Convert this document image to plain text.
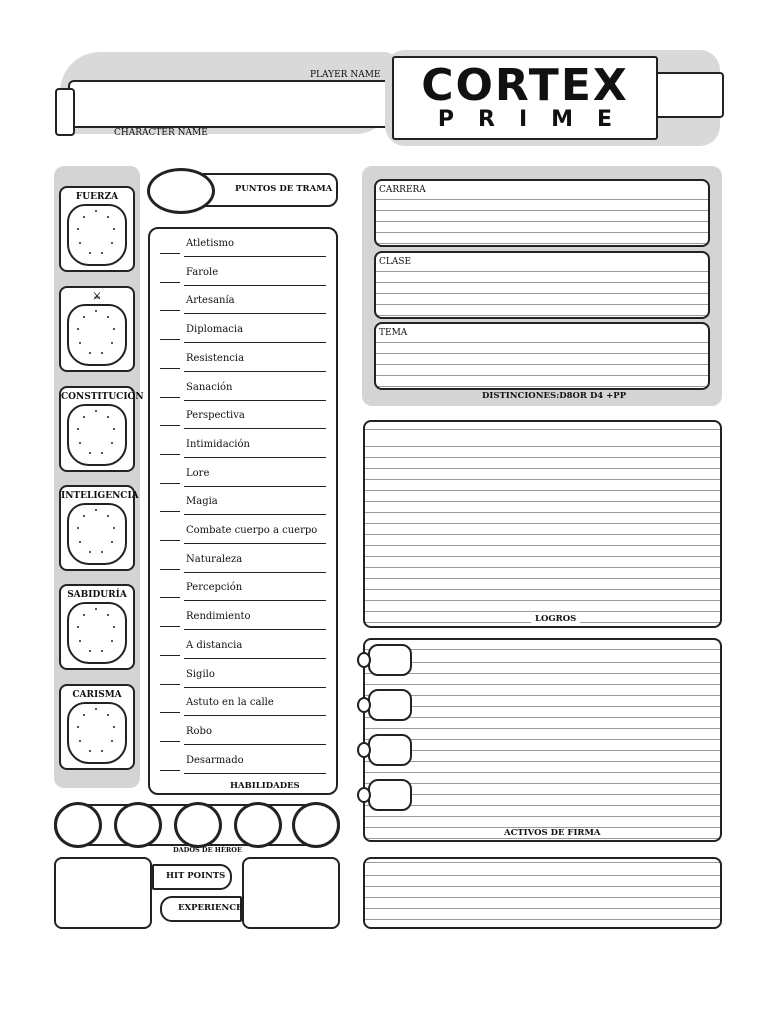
PLAYER NAME
CHARACTER NAME
CORTEX
PRIME
FUERZA
⚔
CONSTITUCIÓN
INTELIGENCIA
SABIDURÍA
CARISMA
PUNTOS DE TRAMA
Atletismo
Farole
Artesanía
Diplomacia
Resistencia
Sanación
Perspectiva
Intimidación
Lore
Magia
Combate cuerpo a cuerpo
Naturaleza
Percepción
Rendimiento
A distancia
Sigilo
Astuto en la calle
Robo
Desarmado
HABILIDADES
CARRERA
CLASE
TEMA
DISTINCIONES:D8OR D4 +PP
LOGROS
ACTIVOS DE FIRMA
DADOS DE HÉROE
HIT POINTS
EXPERIENCE
